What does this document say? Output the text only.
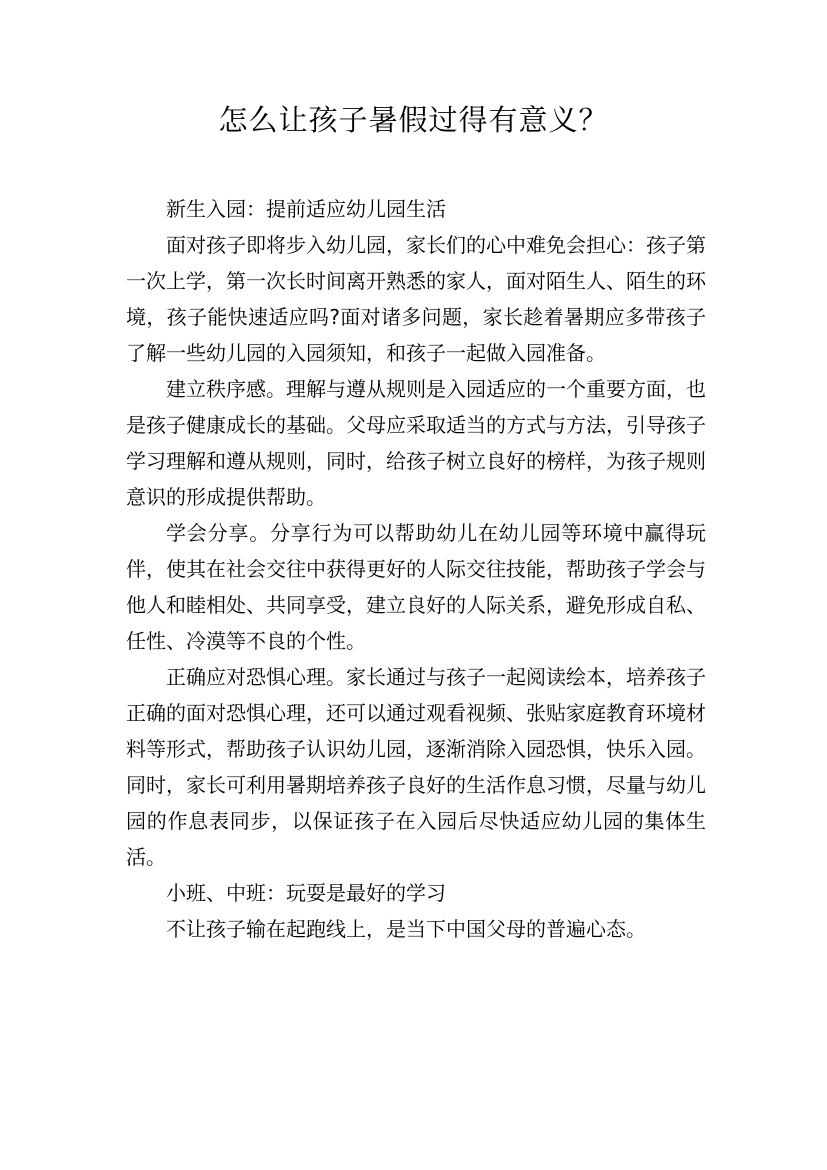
怎么让孩子暑假过得有意义？

新生入园：提前适应幼儿园生活

面对孩子即将步入幼儿园，家长们的心中难免会担心：孩子第一次上学，第一次长时间离开熟悉的家人，面对陌生人、陌生的环境，孩子能快速适应吗?面对诸多问题，家长趁着暑期应多带孩子了解一些幼儿园的入园须知，和孩子一起做入园准备。

建立秩序感。理解与遵从规则是入园适应的一个重要方面，也是孩子健康成长的基础。父母应采取适当的方式与方法，引导孩子学习理解和遵从规则，同时，给孩子树立良好的榜样，为孩子规则意识的形成提供帮助。

学会分享。分享行为可以帮助幼儿在幼儿园等环境中赢得玩伴，使其在社会交往中获得更好的人际交往技能，帮助孩子学会与他人和睦相处、共同享受，建立良好的人际关系，避免形成自私、任性、冷漠等不良的个性。

正确应对恐惧心理。家长通过与孩子一起阅读绘本，培养孩子正确的面对恐惧心理，还可以通过观看视频、张贴家庭教育环境材料等形式，帮助孩子认识幼儿园，逐渐消除入园恐惧，快乐入园。同时，家长可利用暑期培养孩子良好的生活作息习惯，尽量与幼儿园的作息表同步，以保证孩子在入园后尽快适应幼儿园的集体生活。

小班、中班：玩耍是最好的学习

不让孩子输在起跑线上，是当下中国父母的普遍心态。
